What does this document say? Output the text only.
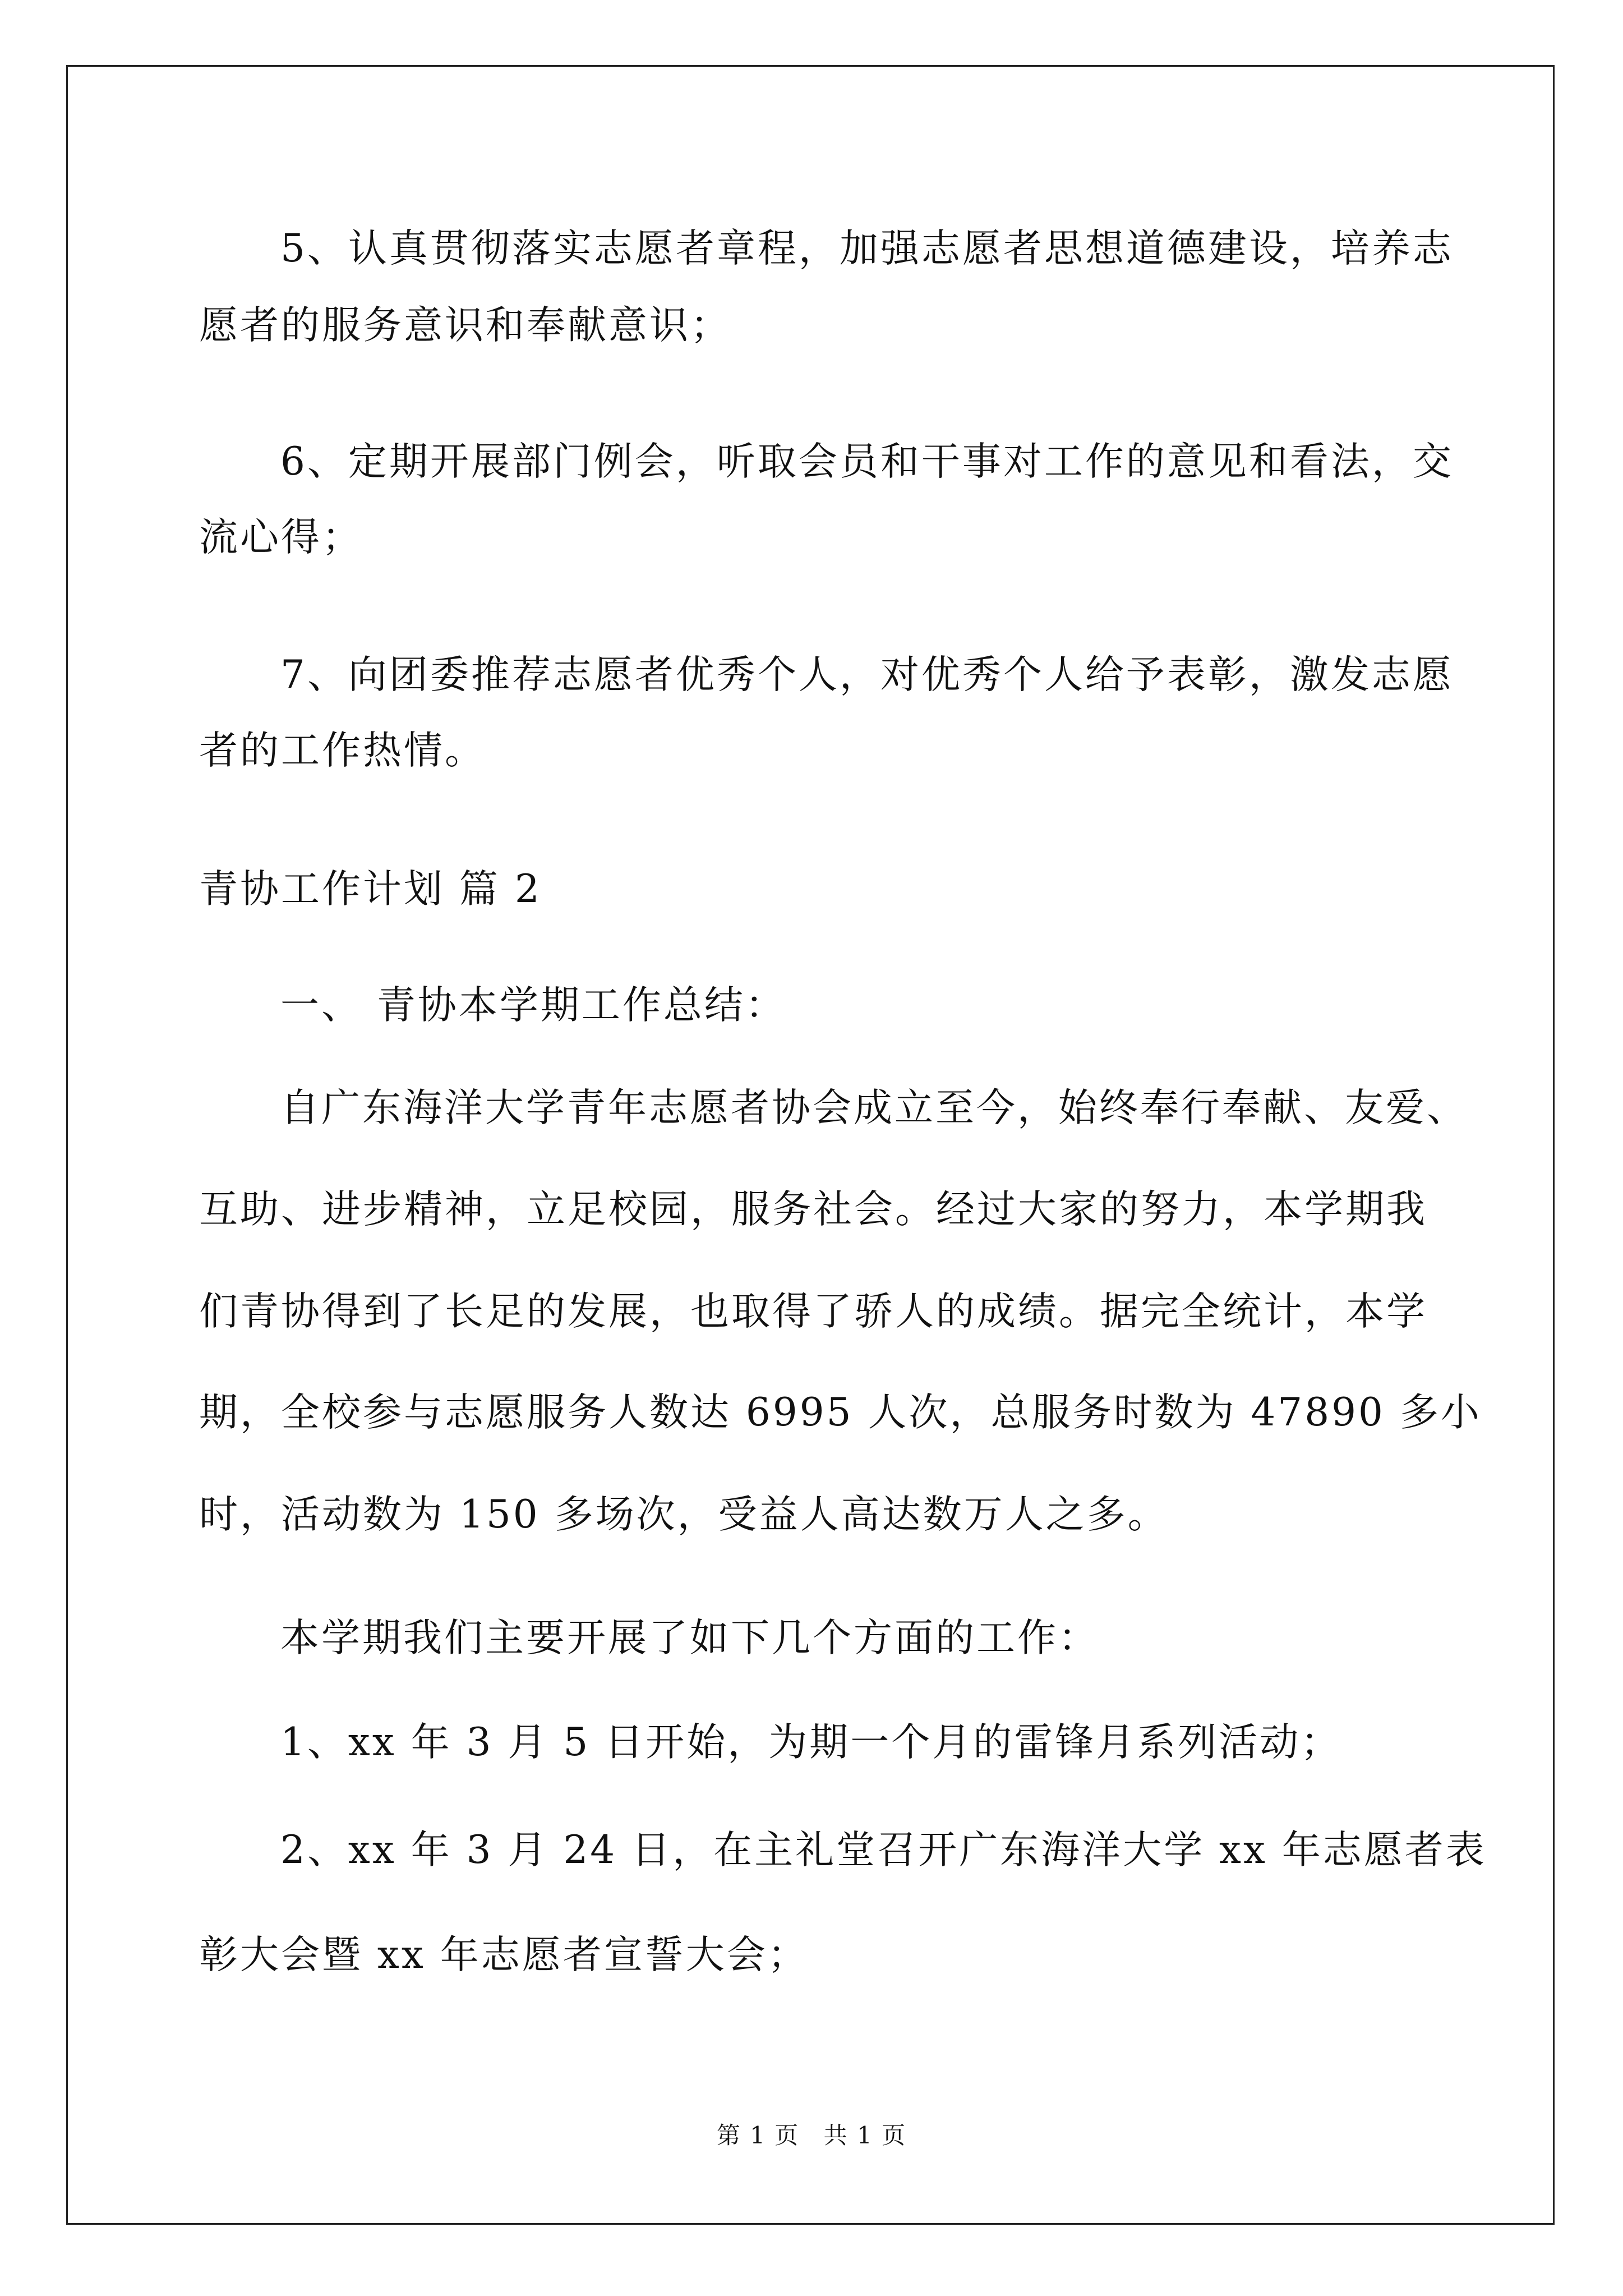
5、认真贯彻落实志愿者章程，加强志愿者思想道德建设，培养志
愿者的服务意识和奉献意识；
6、定期开展部门例会，听取会员和干事对工作的意见和看法，交
流心得；
7、向团委推荐志愿者优秀个人，对优秀个人给予表彰，激发志愿
者的工作热情。
青协工作计划 篇 2
一、 青协本学期工作总结：
自广东海洋大学青年志愿者协会成立至今，始终奉行奉献、友爱、
互助、进步精神，立足校园，服务社会。经过大家的努力，本学期我
们青协得到了长足的发展，也取得了骄人的成绩。据完全统计，本学
期，全校参与志愿服务人数达 6995 人次，总服务时数为 47890 多小
时，活动数为 150 多场次，受益人高达数万人之多。
本学期我们主要开展了如下几个方面的工作：
1、xx 年 3 月 5 日开始，为期一个月的雷锋月系列活动；
2、xx 年 3 月 24 日，在主礼堂召开广东海洋大学 xx 年志愿者表
彰大会暨 xx 年志愿者宣誓大会；
第 1 页 共 1 页
